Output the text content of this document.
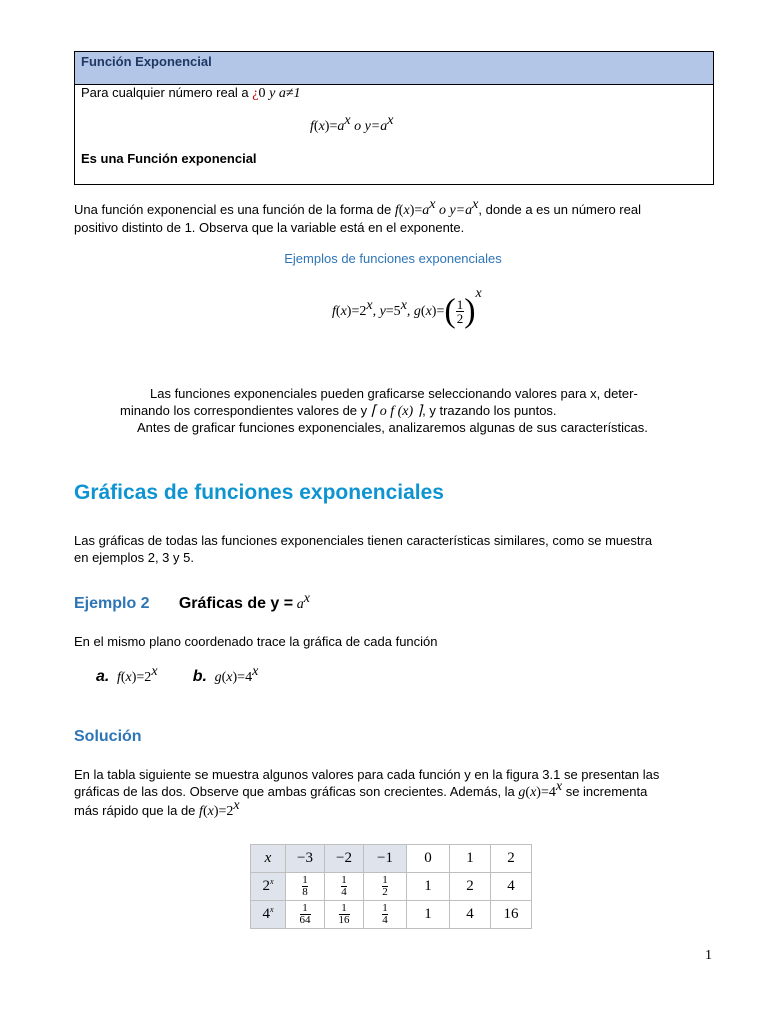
Función Exponencial
Para cualquier número real a ¿0 y a≠1
$f(x)=a^x$ o $y=a^x$
Es una Función exponencial
Una función exponencial es una función de la forma de $f(x)=a^x$ o $y=a^x$, donde a es un número real
positivo distinto de 1. Observa que la variable está en el exponente.
Ejemplos de funciones exponenciales
$f(x)=2^x$, $y=5^x$, $g(x)=( \frac{1}{2} )^x$
Las funciones exponenciales pueden graficarse seleccionando valores para x, deter-
minando los correspondientes valores de y ⌈ o f (x) ⌉, y trazando los puntos.
Antes de graficar funciones exponenciales, analizaremos algunas de sus características.
Gráficas de funciones exponenciales
Las gráficas de todas las funciones exponenciales tienen características similares, como se muestra
en ejemplos 2, 3 y 5.
Ejemplo 2 Gráficas de $y = a^x$
En el mismo plano coordenado trace la gráfica de cada función
a. $f(x)=2^x$ b. $g(x)=4^x$
Solución
En la tabla siguiente se muestra algunos valores para cada función y en la figura 3.1 se presentan las
gráficas de las dos. Observe que ambas gráficas son crecientes. Además, la $g(x)=4^x$ se incrementa
más rápido que la de $f(x)=2^x$
x	−3	−2	−1	0	1	2
2$^x$	$\frac{1}{8}$	$\frac{1}{4}$	$\frac{1}{2}$	1	2	4
4$^x$	$\frac{1}{64}$	$\frac{1}{16}$	$\frac{1}{4}$	1	4	16
1
